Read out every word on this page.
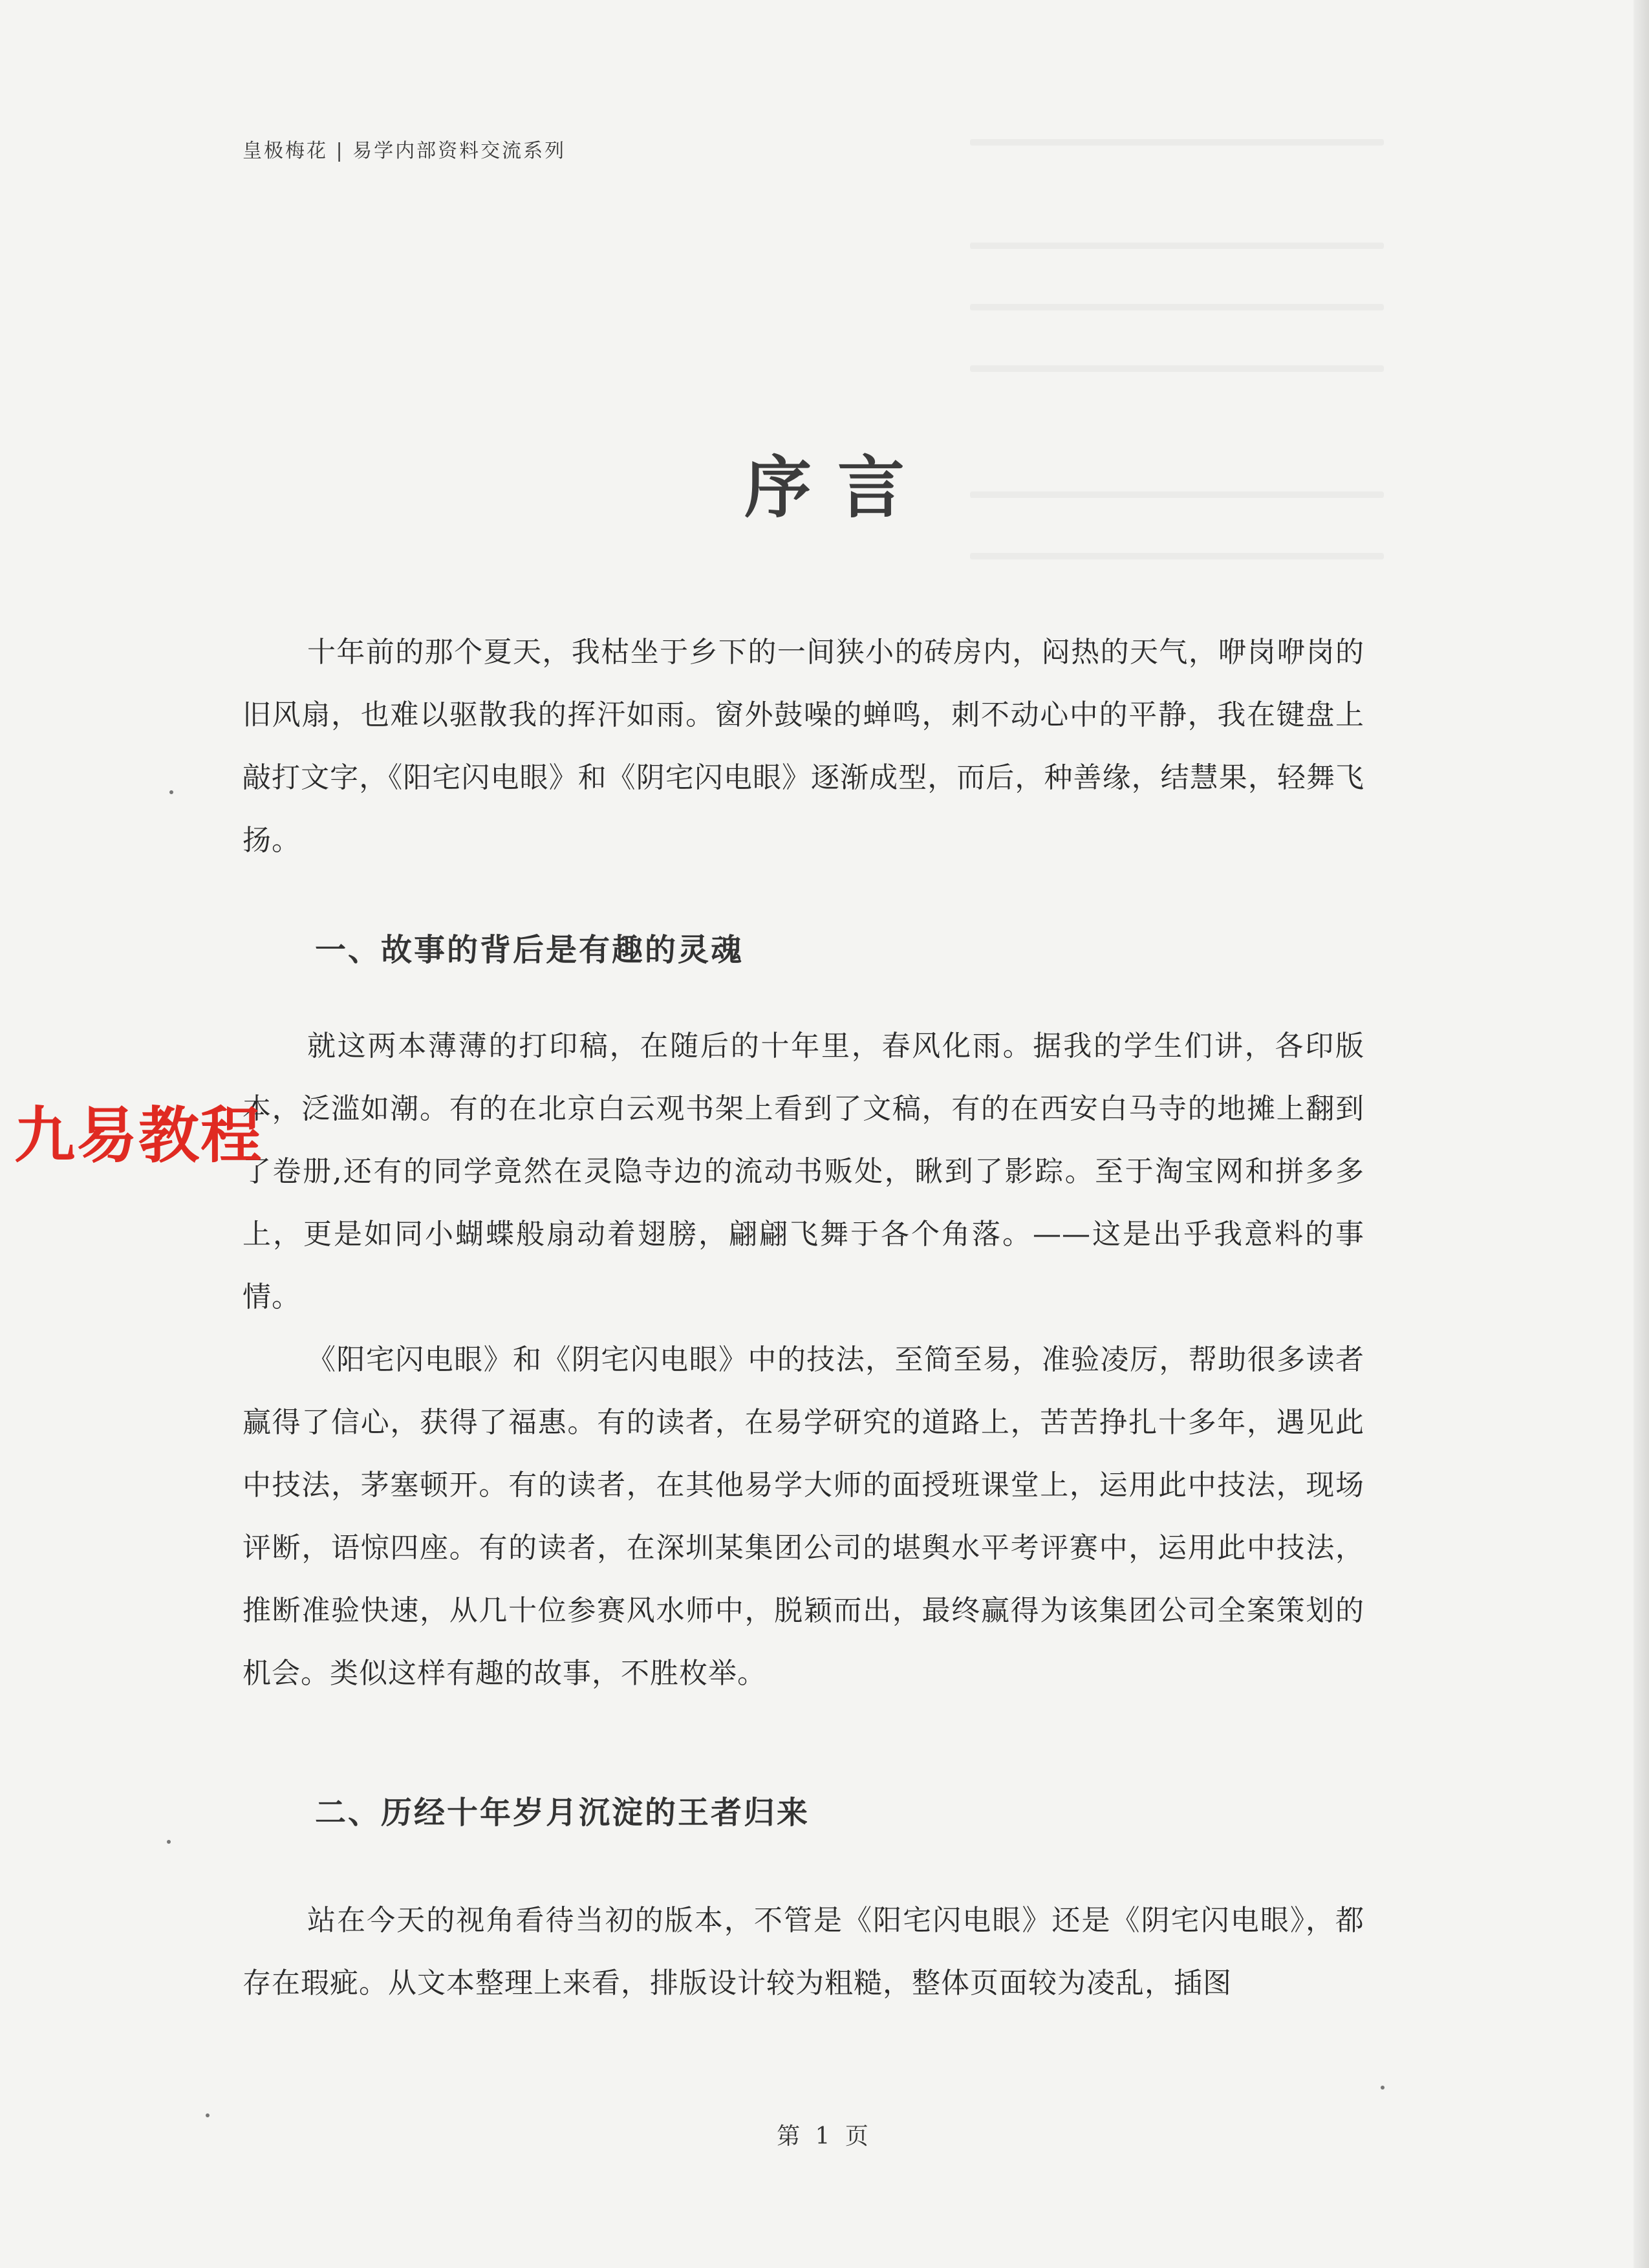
皇极梅花 | 易学内部资料交流系列
序言

十年前的那个夏天，我枯坐于乡下的一间狭小的砖房内，闷热的天气，咿岗咿岗的旧风扇，也难以驱散我的挥汗如雨。窗外鼓噪的蝉鸣，刺不动心中的平静，我在键盘上敲打文字，《阳宅闪电眼》和《阴宅闪电眼》逐渐成型，而后，种善缘，结慧果，轻舞飞扬。

一、故事的背后是有趣的灵魂

就这两本薄薄的打印稿，在随后的十年里，春风化雨。据我的学生们讲，各印版本，泛滥如潮。有的在北京白云观书架上看到了文稿，有的在西安白马寺的地摊上翻到了卷册,还有的同学竟然在灵隐寺边的流动书贩处，瞅到了影踪。至于淘宝网和拼多多上，更是如同小蝴蝶般扇动着翅膀，翩翩飞舞于各个角落。——这是出乎我意料的事情。

《阳宅闪电眼》和《阴宅闪电眼》中的技法，至简至易，准验凌厉，帮助很多读者赢得了信心，获得了福惠。有的读者，在易学研究的道路上，苦苦挣扎十多年，遇见此中技法，茅塞顿开。有的读者，在其他易学大师的面授班课堂上，运用此中技法，现场评断，语惊四座。有的读者，在深圳某集团公司的堪舆水平考评赛中，运用此中技法，推断准验快速，从几十位参赛风水师中，脱颖而出，最终赢得为该集团公司全案策划的机会。类似这样有趣的故事，不胜枚举。

二、历经十年岁月沉淀的王者归来

站在今天的视角看待当初的版本，不管是《阳宅闪电眼》还是《阴宅闪电眼》，都存在瑕疵。从文本整理上来看，排版设计较为粗糙，整体页面较为凌乱，插图

九易教程
第 1 页
